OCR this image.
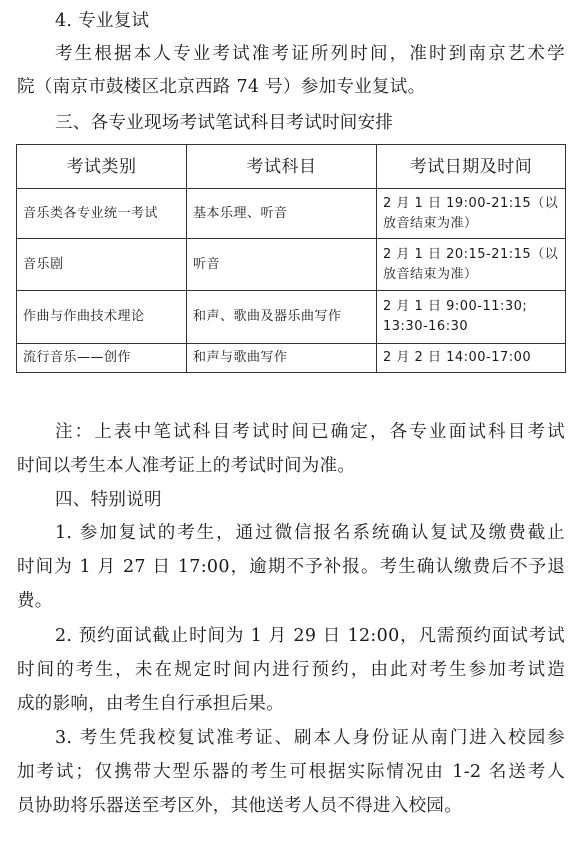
4. 专业复试
考生根据本人专业考试准考证所列时间，准时到南京艺术学
院（南京市鼓楼区北京西路 74 号）参加专业复试。
三、各专业现场考试笔试科目考试时间安排
考试类别	考试科目	考试日期及时间
音乐类各专业统一考试	基本乐理、听音	2 月 1 日 19:00-21:15（以
放音结束为准）

音乐剧	听音	2 月 1 日 20:15-21:15（以
放音结束为准）

作曲与作曲技术理论	和声、歌曲及器乐曲写作	2 月 1 日 9:00-11:30;
13:30-16:30

流行音乐——创作	和声与歌曲写作	2 月 2 日 14:00-17:00
注：上表中笔试科目考试时间已确定，各专业面试科目考试
时间以考生本人准考证上的考试时间为准。
四、特别说明
1. 参加复试的考生，通过微信报名系统确认复试及缴费截止
时间为 1 月 27 日 17:00，逾期不予补报。考生确认缴费后不予退
费。
2. 预约面试截止时间为 1 月 29 日 12:00，凡需预约面试考试
时间的考生，未在规定时间内进行预约，由此对考生参加考试造
成的影响，由考生自行承担后果。
3. 考生凭我校复试准考证、刷本人身份证从南门进入校园参
加考试；仅携带大型乐器的考生可根据实际情况由 1-2 名送考人
员协助将乐器送至考区外，其他送考人员不得进入校园。
